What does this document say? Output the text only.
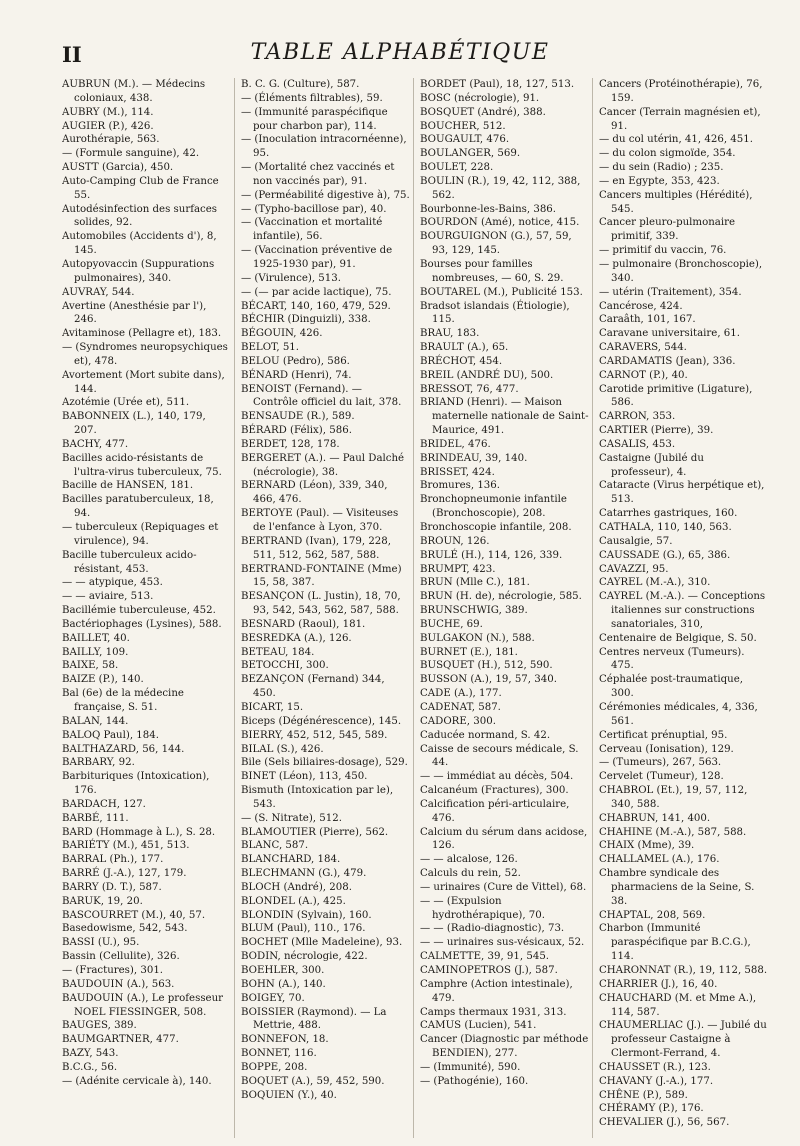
II	TABLE ALPHABÉTIQUE

AUBRUN (M.). — Médecins coloniaux, 438.

AUBRY (M.), 114.

AUGIER (P.), 426.

Aurothérapie, 563.

— (Formule sanguine), 42.

AUSTT (Garcia), 450.

Auto-Camping Club de France 55.

Autodésinfection des surfaces solides, 92.

Automobiles (Accidents d'), 8, 145.

Autopyovaccin (Suppurations pulmonaires), 340.

AUVRAY, 544.

Avertine (Anesthésie par l'), 246.

Avitaminose (Pellagre et), 183.

— (Syndromes neuropsychiques et), 478.

Avortement (Mort subite dans), 144.

Azotémie (Urée et), 511.

BABONNEIX (L.), 140, 179, 207.

BACHY, 477.

Bacilles acido-résistants de l'ultra-virus tuberculeux, 75.

Bacille de HANSEN, 181.

Bacilles paratuberculeux, 18, 94.

— tuberculeux (Repiquages et virulence), 94.

Bacille tuberculeux acido-résistant, 453.

— — atypique, 453.

— — aviaire, 513.

Bacillémie tuberculeuse, 452.

Bactériophages (Lysines), 588.

BAILLET, 40.

BAILLY, 109.

BAIXE, 58.

BAIZE (P.), 140.

Bal (6e) de la médecine française, S. 51.

BALAN, 144.

BALOQ Paul), 184.

BALTHAZARD, 56, 144.

BARBARY, 92.

Barbituriques (Intoxication), 176.

BARDACH, 127.

BARBÉ, 111.

BARD (Hommage à L.), S. 28.

BARIÉTY (M.), 451, 513.

BARRAL (Ph.), 177.

BARRÉ (J.-A.), 127, 179.

BARRY (D. T.), 587.

BARUK, 19, 20.

BASCOURRET (M.), 40, 57.

Basedowisme, 542, 543.

BASSI (U.), 95.

Bassin (Cellulite), 326.

— (Fractures), 301.

BAUDOUIN (A.), 563.

BAUDOUIN (A.), Le professeur NOEL FIESSINGER, 508.

BAUGES, 389.

BAUMGARTNER, 477.

BAZY, 543.

B.C.G., 56.

— (Adénite cervicale à), 140.

B. C. G. (Culture), 587.

— (Éléments filtrables), 59.

— (Immunité paraspécifique pour charbon par), 114.

— (Inoculation intracornéenne), 95.

— (Mortalité chez vaccinés et non vaccinés par), 91.

— (Perméabilité digestive à), 75.

— (Typho-bacillose par), 40.

— (Vaccination et mortalité infantile), 56.

— (Vaccination préventive de 1925-1930 par), 91.

— (Virulence), 513.

— (— par acide lactique), 75.

BÉCART, 140, 160, 479, 529.

BÉCHIR (Dinguizli), 338.

BÉGOUIN, 426.

BELOT, 51.

BELOU (Pedro), 586.

BÉNARD (Henri), 74.

BENOIST (Fernand). — Contrôle officiel du lait, 378.

BENSAUDE (R.), 589.

BÉRARD (Félix), 586.

BERDET, 128, 178.

BERGERET (A.). — Paul Dalché (nécrologie), 38.

BERNARD (Léon), 339, 340, 466, 476.

BERTOYE (Paul). — Visiteuses de l'enfance à Lyon, 370.

BERTRAND (Ivan), 179, 228, 511, 512, 562, 587, 588.

BERTRAND-FONTAINE (Mme) 15, 58, 387.

BESANÇON (L. Justin), 18, 70, 93, 542, 543, 562, 587, 588.

BESNARD (Raoul), 181.

BESREDKA (A.), 126.

BETEAU, 184.

BETOCCHI, 300.

BEZANÇON (Fernand) 344, 450.

BICART, 15.

Biceps (Dégénérescence), 145.

BIERRY, 452, 512, 545, 589.

BILAL (S.), 426.

Bile (Sels biliaires-dosage), 529.

BINET (Léon), 113, 450.

Bismuth (Intoxication par le), 543.

— (S. Nitrate), 512.

BLAMOUTIER (Pierre), 562.

BLANC, 587.

BLANCHARD, 184.

BLECHMANN (G.), 479.

BLOCH (André), 208.

BLONDEL (A.), 425.

BLONDIN (Sylvain), 160.

BLUM (Paul), 110., 176.

BOCHET (Mlle Madeleine), 93.

BODIN, nécrologie, 422.

BOEHLER, 300.

BOHN (A.), 140.

BOIGEY, 70.

BOISSIER (Raymond). — La Mettrie, 488.

BONNEFON, 18.

BONNET, 116.

BOPPE, 208.

BOQUET (A.), 59, 452, 590.

BOQUIEN (Y.), 40.

BORDET (Paul), 18, 127, 513.

BOSC (nécrologie), 91.

BOSQUET (André), 388.

BOUCHER, 512.

BOUGAULT, 476.

BOULANGER, 569.

BOULET, 228.

BOULIN (R.), 19, 42, 112, 388, 562.

Bourbonne-les-Bains, 386.

BOURDON (Amé), notice, 415.

BOURGUIGNON (G.), 57, 59, 93, 129, 145.

Bourses pour familles nombreuses, — 60, S. 29.

BOUTAREL (M.), Publicité 153.

Bradsot islandais (Étiologie), 115.

BRAU, 183.

BRAULT (A.), 65.

BRÉCHOT, 454.

BREIL (ANDRÉ DU), 500.

BRESSOT, 76, 477.

BRIAND (Henri). — Maison maternelle nationale de Saint-Maurice, 491.

BRIDEL, 476.

BRINDEAU, 39, 140.

BRISSET, 424.

Bromures, 136.

Bronchopneumonie infantile (Bronchoscopie), 208.

Bronchoscopie infantile, 208.

BROUN, 126.

BRULÉ (H.), 114, 126, 339.

BRUMPT, 423.

BRUN (Mlle C.), 181.

BRUN (H. de), nécrologie, 585.

BRUNSCHWIG, 389.

BUCHE, 69.

BULGAKON (N.), 588.

BURNET (E.), 181.

BUSQUET (H.), 512, 590.

BUSSON (A.), 19, 57, 340.

CADE (A.), 177.

CADENAT, 587.

CADORE, 300.

Caducée normand, S. 42.

Caisse de secours médicale, S. 44.

— — immédiat au décès, 504.

Calcanéum (Fractures), 300.

Calcification péri-articulaire, 476.

Calcium du sérum dans acidose, 126.

— — alcalose, 126.

Calculs du rein, 52.

— urinaires (Cure de Vittel), 68.

— — (Expulsion hydrothérapique), 70.

— — (Radio-diagnostic), 73.

— — urinaires sus-vésicaux, 52.

CALMETTE, 39, 91, 545.

CAMINOPETROS (J.), 587.

Camphre (Action intestinale), 479.

Camps thermaux 1931, 313.

CAMUS (Lucien), 541.

Cancer (Diagnostic par méthode BENDIEN), 277.

— (Immunité), 590.

— (Pathogénie), 160.

Cancers (Protéinothérapie), 76, 159.

Cancer (Terrain magnésien et), 91.

— du col utérin, 41, 426, 451.

— du colon sigmoïde, 354.

— du sein (Radio) ; 235.

— en Egypte, 353, 423.

Cancers multiples (Hérédité), 545.

Cancer pleuro-pulmonaire primitif, 339.

— primitif du vaccin, 76.

— pulmonaire (Bronchoscopie), 340.

— utérin (Traitement), 354.

Cancérose, 424.

Caraâth, 101, 167.

Caravane universitaire, 61.

CARAVERS, 544.

CARDAMATIS (Jean), 336.

CARNOT (P.), 40.

Carotide primitive (Ligature), 586.

CARRON, 353.

CARTIER (Pierre), 39.

CASALIS, 453.

Castaigne (Jubilé du professeur), 4.

Cataracte (Virus herpétique et), 513.

Catarrhes gastriques, 160.

CATHALA, 110, 140, 563.

Causalgie, 57.

CAUSSADE (G.), 65, 386.

CAVAZZI, 95.

CAYREL (M.-A.), 310.

CAYREL (M.-A.). — Conceptions italiennes sur constructions sanatoriales, 310,

Centenaire de Belgique, S. 50.

Centres nerveux (Tumeurs). 475.

Céphalée post-traumatique, 300.

Cérémonies médicales, 4, 336, 561.

Certificat prénuptial, 95.

Cerveau (Ionisation), 129.

— (Tumeurs), 267, 563.

Cervelet (Tumeur), 128.

CHABROL (Et.), 19, 57, 112, 340, 588.

CHABRUN, 141, 400.

CHAHINE (M.-A.), 587, 588.

CHAIX (Mme), 39.

CHALLAMEL (A.), 176.

Chambre syndicale des pharmaciens de la Seine, S. 38.

CHAPTAL, 208, 569.

Charbon (Immunité paraspécifique par B.C.G.), 114.

CHARONNAT (R.), 19, 112, 588.

CHARRIER (J.), 16, 40.

CHAUCHARD (M. et Mme A.), 114, 587.

CHAUMERLIAC (J.). — Jubilé du professeur Castaigne à Clermont-Ferrand, 4.

CHAUSSET (R.), 123.

CHAVANY (J.-A.), 177.

CHÊNE (P.), 589.

CHÉRAMY (P.), 176.

CHEVALIER (J.), 56, 567.
